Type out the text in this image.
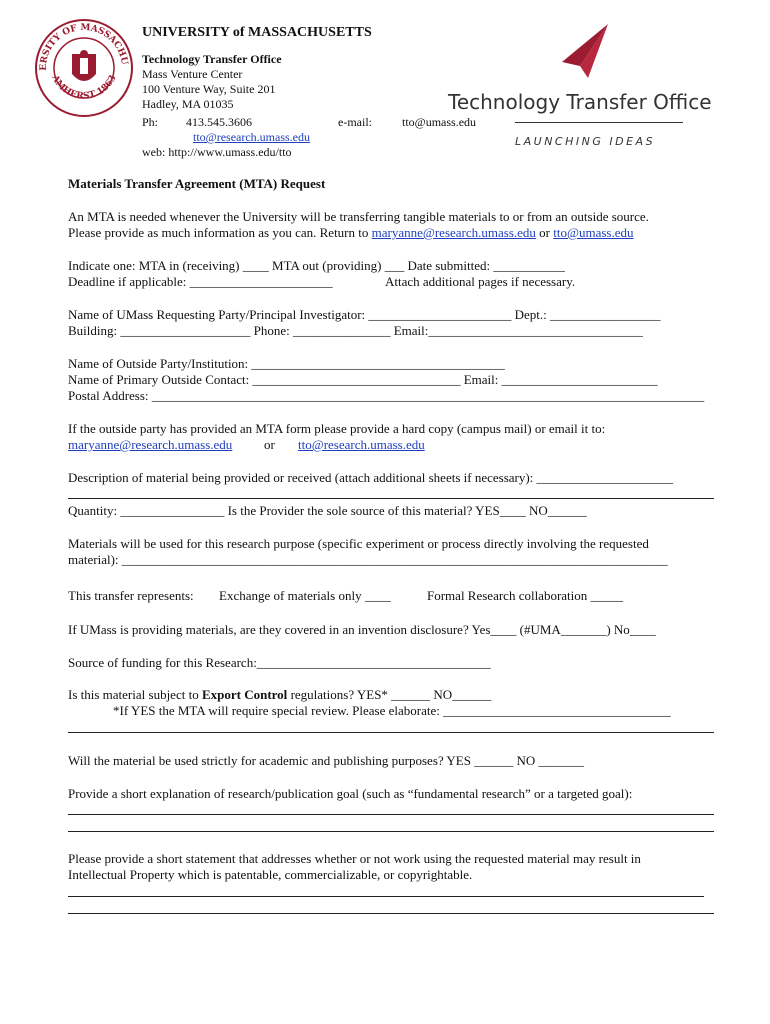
ERSITY OF MASSACHU
AMHERST 1863
UNIVERSITY of MASSACHUSETTS
Technology Transfer Office
Mass Venture Center
100 Venture Way, Suite 201
Hadley, MA 01035
Ph: 413.545.3606	e-mail:	tto@umass.edu
tto@research.umass.edu
web: http://www.umass.edu/tto
Technology Transfer Office
LAUNCHING IDEAS
Materials Transfer Agreement (MTA) Request
An MTA is needed whenever the University will be transferring tangible materials to or from an outside source.
Please provide as much information as you can. Return to maryanne@research.umass.edu or tto@umass.edu
Indicate one: MTA in (receiving) ____ MTA out (providing) ___ Date submitted: ___________
Deadline if applicable: ______________________	Attach additional pages if necessary.
Name of UMass Requesting Party/Principal Investigator: ______________________ Dept.: _________________
Building: ____________________ Phone: _______________ Email:_________________________________
Name of Outside Party/Institution: _______________________________________
Name of Primary Outside Contact: ________________________________ Email: ________________________
Postal Address: _____________________________________________________________________________________
If the outside party has provided an MTA form please provide a hard copy (campus mail) or email it to:
maryanne@research.umass.edu or tto@research.umass.edu
Description of material being provided or received (attach additional sheets if necessary): _____________________
Quantity: ________________ Is the Provider the sole source of this material? YES____ NO______
Materials will be used for this research purpose (specific experiment or process directly involving the requested
material): ____________________________________________________________________________________
This transfer represents: Exchange of materials only ____	Formal Research collaboration _____
If UMass is providing materials, are they covered in an invention disclosure? Yes____ (#UMA_______) No____
Source of funding for this Research:____________________________________
Is this material subject to Export Control regulations? YES* ______ NO______
*If YES the MTA will require special review. Please elaborate: ___________________________________
Will the material be used strictly for academic and publishing purposes? YES ______ NO _______
Provide a short explanation of research/publication goal (such as “fundamental research” or a targeted goal):
Please provide a short statement that addresses whether or not work using the requested material may result in
Intellectual Property which is patentable, commercializable, or copyrightable.
